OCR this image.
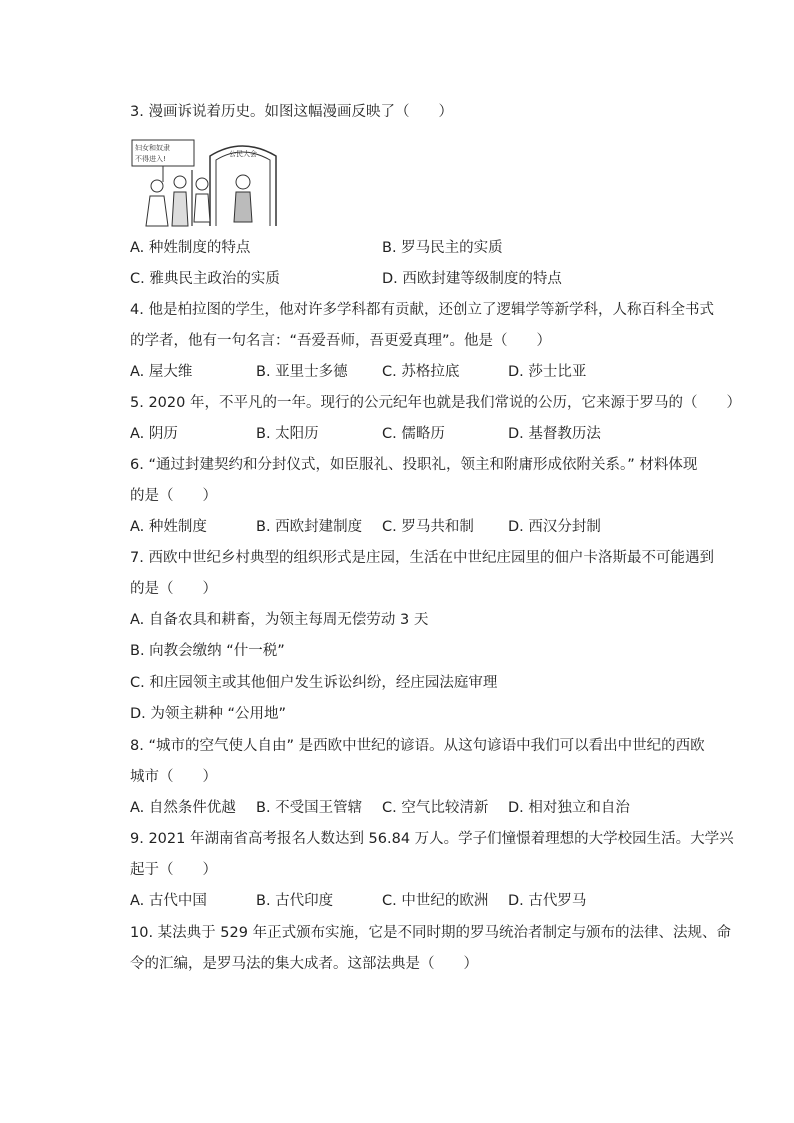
3. 漫画诉说着历史。如图这幅漫画反映了（　　）
妇女和奴隶
不得进入!
公民大会
A. 种姓制度的特点	B. 罗马民主的实质
C. 雅典民主政治的实质	D. 西欧封建等级制度的特点
4. 他是柏拉图的学生，他对许多学科都有贡献，还创立了逻辑学等新学科，人称百科全书式
的学者，他有一句名言：“吾爱吾师，吾更爱真理”。他是（　　）
A. 屋大维	B. 亚里士多德 C. 苏格拉底	D. 莎士比亚
5. 2020 年，不平凡的一年。现行的公元纪年也就是我们常说的公历，它来源于罗马的（　　）
A. 阴历	B. 太阳历	C. 儒略历	D. 基督教历法
6. “通过封建契约和分封仪式，如臣服礼、投职礼，领主和附庸形成依附关系。” 材料体现
的是（　　）
A. 种姓制度	B. 西欧封建制度 C. 罗马共和制 D. 西汉分封制
7. 西欧中世纪乡村典型的组织形式是庄园，生活在中世纪庄园里的佃户卡洛斯最不可能遇到
的是（　　）
A. 自备农具和耕畜，为领主每周无偿劳动 3 天
B. 向教会缴纳 “什一税”
C. 和庄园领主或其他佃户发生诉讼纠纷，经庄园法庭审理
D. 为领主耕种 “公用地”
8. “城市的空气使人自由” 是西欧中世纪的谚语。从这句谚语中我们可以看出中世纪的西欧
城市（　　）
A. 自然条件优越 B. 不受国王管辖 C. 空气比较清新 D. 相对独立和自治
9. 2021 年湖南省高考报名人数达到 56.84 万人。学子们憧憬着理想的大学校园生活。大学兴
起于（　　）
A. 古代中国	B. 古代印度	C. 中世纪的欧洲 D. 古代罗马
10. 某法典于 529 年正式颁布实施，它是不同时期的罗马统治者制定与颁布的法律、法规、命
令的汇编，是罗马法的集大成者。这部法典是（　　）
